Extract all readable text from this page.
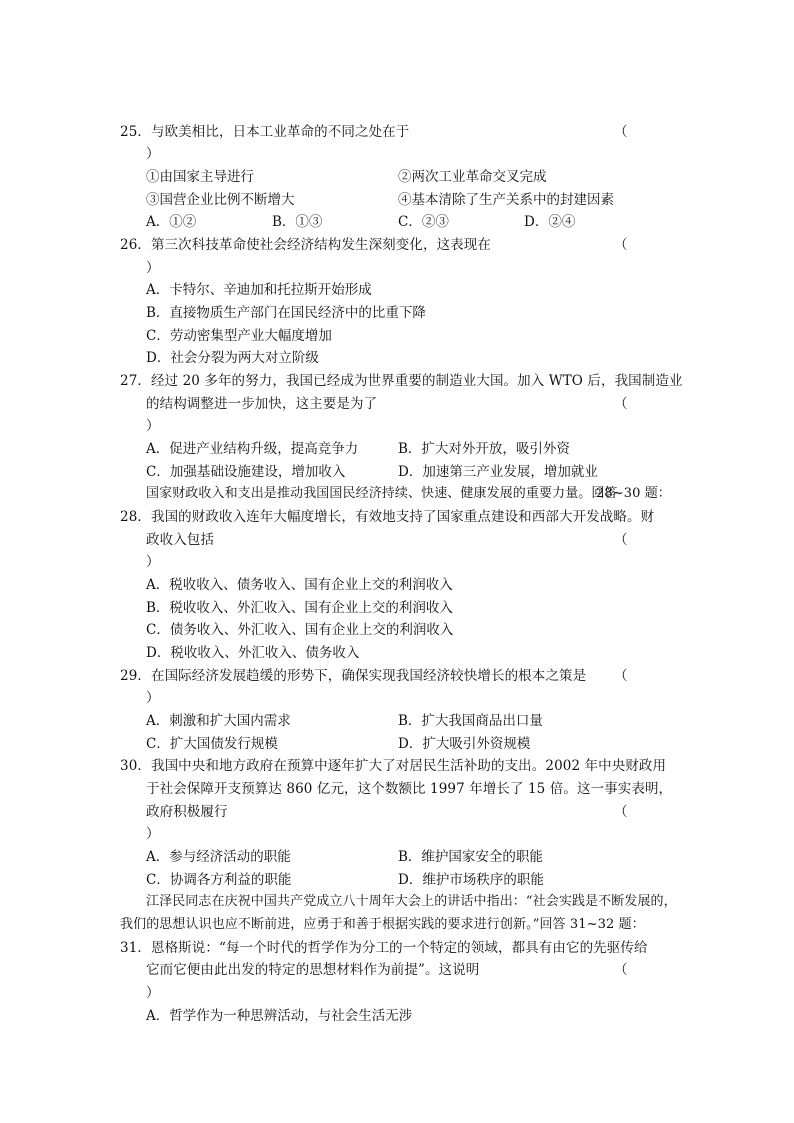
25．与欧美相比，日本工业革命的不同之处在于	（
）
①由国家主导进行	②两次工业革命交叉完成
③国营企业比例不断增大	④基本清除了生产关系中的封建因素
A．①②	B．①③	C．②③	D．②④
26．第三次科技革命使社会经济结构发生深刻变化，这表现在	（
）
A．卡特尔、辛迪加和托拉斯开始形成
B．直接物质生产部门在国民经济中的比重下降
C．劳动密集型产业大幅度增加
D．社会分裂为两大对立阶级
27．经过 20 多年的努力，我国已经成为世界重要的制造业大国。加入 WTO 后，我国制造业
的结构调整进一步加快，这主要是为了	（
）
A．促进产业结构升级，提高竞争力	B．扩大对外开放，吸引外资
C．加强基础设施建设，增加收入	D．加速第三产业发展，增加就业
国家财政收入和支出是推动我国国民经济持续、快速、健康发展的重要力量。回答
28~30 题：
28．我国的财政收入连年大幅度增长，有效地支持了国家重点建设和西部大开发战略。财
政收入包括	（
）
A．税收收入、债务收入、国有企业上交的利润收入
B．税收收入、外汇收入、国有企业上交的利润收入
C．债务收入、外汇收入、国有企业上交的利润收入
D．税收收入、外汇收入、债务收入
29．在国际经济发展趋缓的形势下，确保实现我国经济较快增长的根本之策是 （
）
A．刺激和扩大国内需求	B．扩大我国商品出口量
C．扩大国债发行规模	D．扩大吸引外资规模
30．我国中央和地方政府在预算中逐年扩大了对居民生活补助的支出。2002 年中央财政用
于社会保障开支预算达 860 亿元，这个数额比 1997 年增长了 15 倍。这一事实表明，
政府积极履行	（
）
A．参与经济活动的职能	B．维护国家安全的职能
C．协调各方利益的职能	D．维护市场秩序的职能
江泽民同志在庆祝中国共产党成立八十周年大会上的讲话中指出：“社会实践是不断发展的，
我们的思想认识也应不断前进，应勇于和善于根据实践的要求进行创新。”回答 31~32 题：
31．恩格斯说：“每一个时代的哲学作为分工的一个特定的领域，都具有由它的先驱传给
它而它便由此出发的特定的思想材料作为前提”。这说明	（
）
A．哲学作为一种思辨活动，与社会生活无涉
